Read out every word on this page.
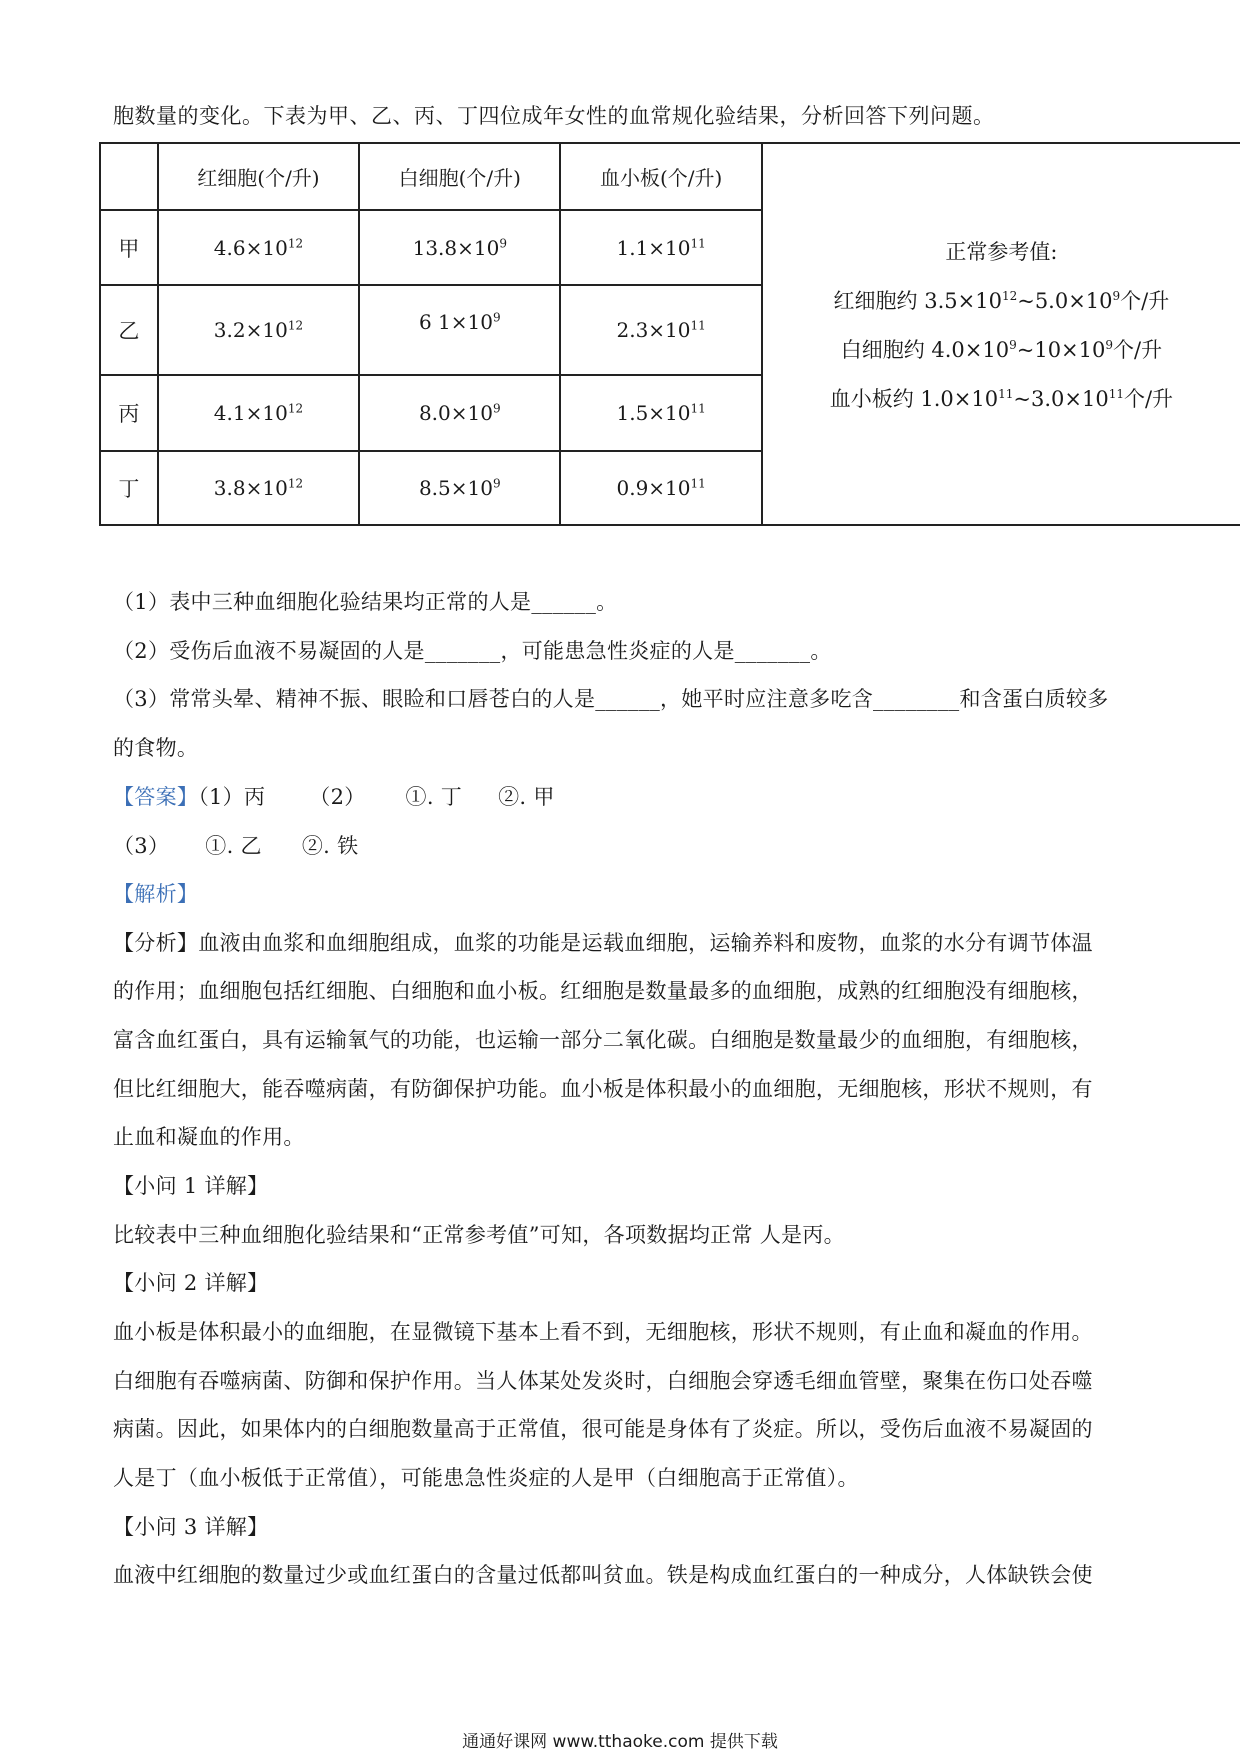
胞数量的变化。下表为甲、乙、丙、丁四位成年女性的血常规化验结果，分析回答下列问题。
	红细胞(个/升)	白细胞(个/升)	血小板(个/升)	正常参考值:
红细胞约 $3.5\times 10^{12}\sim 5.0\times 10^9$个/升
白细胞约 $4.0\times 10^9\sim 10\times 10^9$个/升
血小板约 $1.0\times 10^{11}\sim 3.0\times 10^{11}$个/升

甲	$4.6\times 10^{12}$	$13.8\times 10^9$	$1.1\times 10^{11}$
乙	$3.2\times 10^{12}$	6 $1\times 10^9$	$2.3\times 10^{11}$
丙	$4.1\times 10^{12}$	$8.0\times 10^9$	$1.5\times 10^{11}$
丁	$3.8\times 10^{12}$	$8.5\times 10^9$	$0.9\times 10^{11}$
（1）表中三种血细胞化验结果均正常的人是______。
（2）受伤后血液不易凝固的人是_______，可能患急性炎症的人是_______。
（3）常常头晕、精神不振、眼睑和口唇苍白的人是______，她平时应注意多吃含________和含蛋白质较多
的食物。
【答案】（1）丙 （2） ①. 丁 ②. 甲
（3） ①. 乙 ②. 铁
【解析】
【分析】血液由血浆和血细胞组成，血浆的功能是运载血细胞，运输养料和废物，血浆的水分有调节体温
的作用；血细胞包括红细胞、白细胞和血小板。红细胞是数量最多的血细胞，成熟的红细胞没有细胞核，
富含血红蛋白，具有运输氧气的功能，也运输一部分二氧化碳。白细胞是数量最少的血细胞，有细胞核，
但比红细胞大，能吞噬病菌，有防御保护功能。血小板是体积最小的血细胞，无细胞核，形状不规则，有
止血和凝血的作用。
【小问 1 详解】
比较表中三种血细胞化验结果和“正常参考值”可知，各项数据均正常 人是丙。
【小问 2 详解】
血小板是体积最小的血细胞，在显微镜下基本上看不到，无细胞核，形状不规则，有止血和凝血的作用。
白细胞有吞噬病菌、防御和保护作用。当人体某处发炎时，白细胞会穿透毛细血管壁，聚集在伤口处吞噬
病菌。因此，如果体内的白细胞数量高于正常值，很可能是身体有了炎症。所以，受伤后血液不易凝固的
人是丁（血小板低于正常值），可能患急性炎症的人是甲（白细胞高于正常值）。
【小问 3 详解】
血液中红细胞的数量过少或血红蛋白的含量过低都叫贫血。铁是构成血红蛋白的一种成分，人体缺铁会使
通通好课网 www.tthaoke.com 提供下载
